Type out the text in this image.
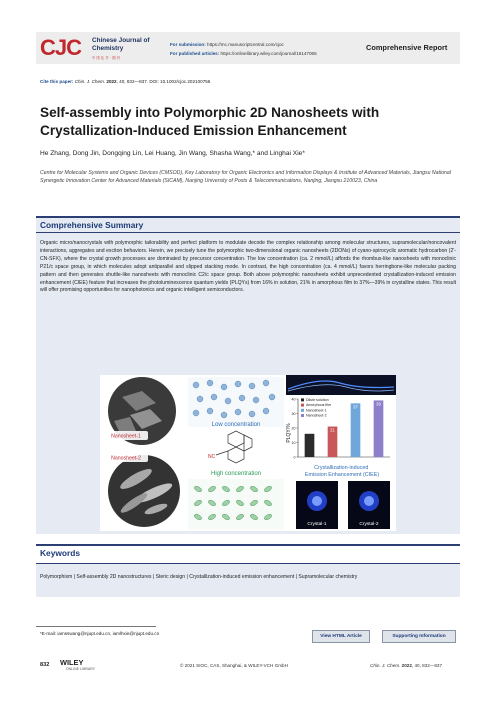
CJC Chinese Journal of Chemistry
中 国 化 学 · 期 刊
For submission: https://mc.manuscriptcentral.com/cjoc
For published articles: https://onlinelibrary.wiley.com/journal/16147065
Comprehensive Report
Cite this paper: Chin. J. Chem. 2022, 40, 832—837. DOI: 10.1002/cjoc.202100756
Self-assembly into Polymorphic 2D Nanosheets with Crystallization-Induced Emission Enhancement
He Zhang, Dong Jin, Dongqing Lin, Lei Huang, Jin Wang, Shasha Wang,* and Linghai Xie*
Centre for Molecular Systems and Organic Devices (CMSOD), Key Laboratory for Organic Electronics and Information Displays & Institute of Advanced Materials, Jiangsu National Synergetic Innovation Center for Advanced Materials (SICAM), Nanjing University of Posts & Telecommunications, Nanjing, Jiangsu 210023, China
Comprehensive Summary
Organic micro/nanocrystals with polymorphic tailorability and perfect platform to modulate decode the complex relationship among molecular structures, supramolecular/noncovalent interactions, aggregates and exciton behaviors. Herein, we precisely tune the polymorphic two-dimensional organic nanosheets (2DONs) of cyano-spirocyclic aromatic hydrocarbon (2'-CN-SFX), where the crystal growth processes are dominated by precursor concentration. The low concentration (ca. 2 mmol/L) affords the rhombus-like nanosheets with monoclinic P21/c space group, in which molecules adopt antiparallel and slipped stacking mode. In contrast, the high concentration (ca. 4 mmol/L) favors herringbone-like molecular packing pattern and then generates shuttle-like nanosheets with monoclinic C2/c space group. Both above polymorphic nanosheets exhibit unprecedented crystallization-induced emission enhancement (CIEE) feature that increases the photoluminescence quantum yields (PLQYs) from 16% in solution, 21% in amorphous film to 37%—39% in crystalline states. This result will offer promising opportunities for nanophotonics and organic intelligent semiconductors.
Nanosheet-1
Nanosheet-2
Low concentration
NC
High concentration
PLQY/%
0
10
20
30
40
21
37
39
Dilute solution
Amorphous film
Nanosheet-1
Nanosheet-2
Crystallization-induced Emission Enhancement (CIEE)
Crystal-1	Crystal-2
Keywords
Polymorphism | Self-assembly 2D nanostructures | Steric design | Crystallization-induced emission enhancement | Supramolecular chemistry
*E-mail: iamsswang@njupt.edu.cn, iamlhxie@njupt.edu.cn
View HTML Article	Supporting Information
832 WILEY
ONLINE LIBRARY
© 2021 SIOC, CAS, Shanghai, & WILEY-VCH GmbH	Chin. J. Chem. 2022, 40, 832—837
